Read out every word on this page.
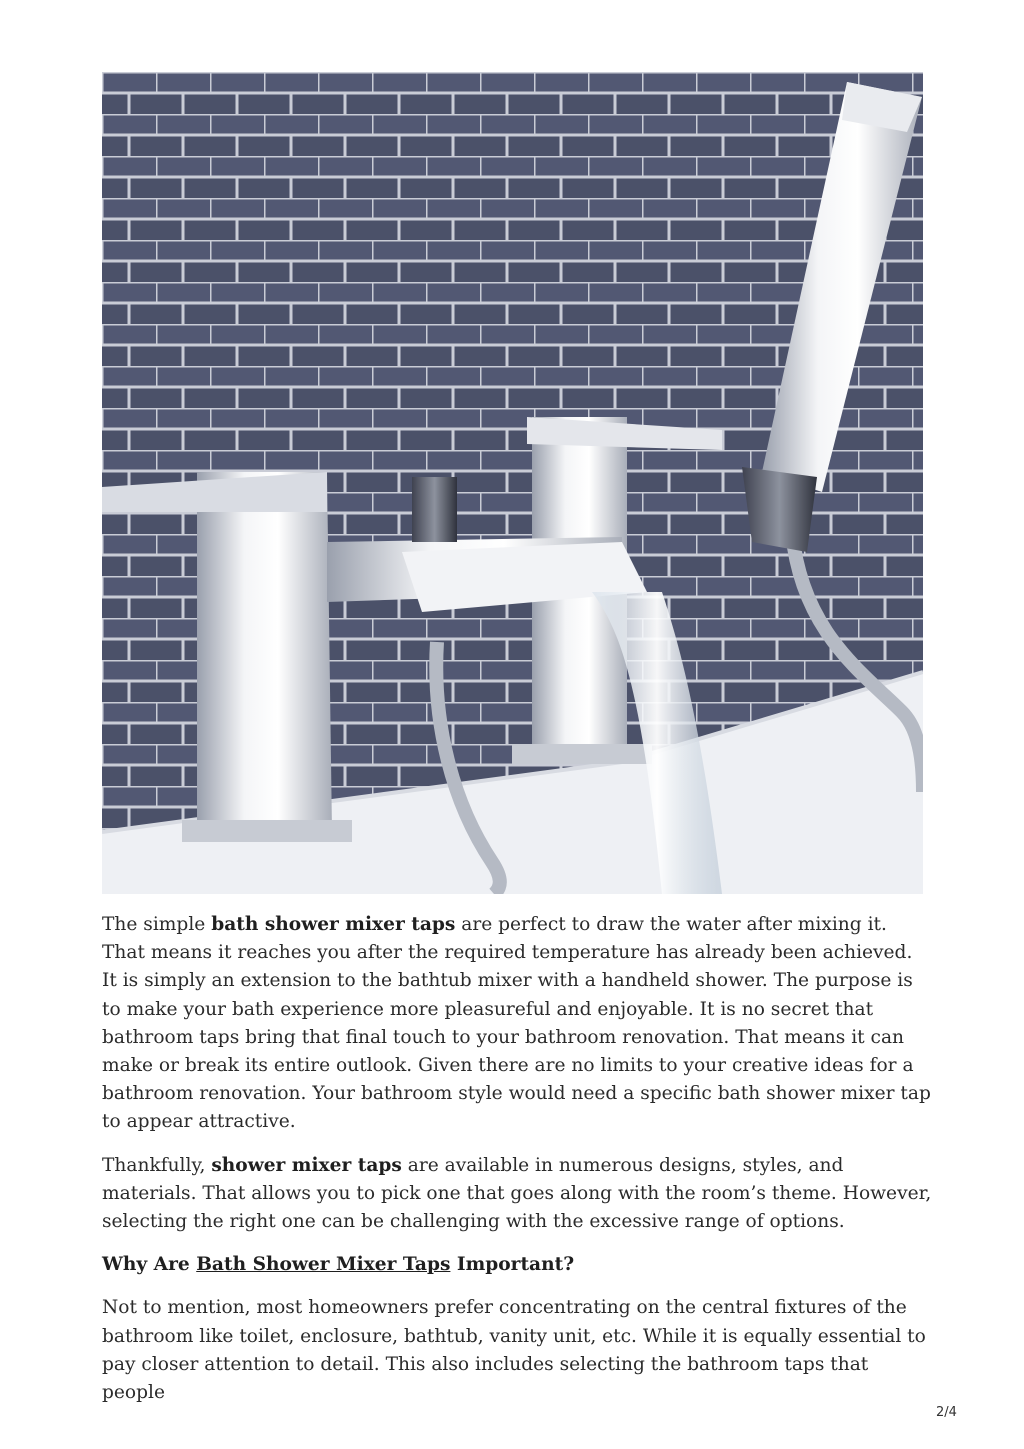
The simple bath shower mixer taps are perfect to draw the water after mixing it. That means it reaches you after the required temperature has already been achieved. It is simply an extension to the bathtub mixer with a handheld shower. The purpose is to make your bath experience more pleasureful and enjoyable. It is no secret that bathroom taps bring that final touch to your bathroom renovation. That means it can make or break its entire outlook. Given there are no limits to your creative ideas for a bathroom renovation. Your bathroom style would need a specific bath shower mixer tap to appear attractive.

Thankfully, shower mixer taps are available in numerous designs, styles, and materials. That allows you to pick one that goes along with the room’s theme. However, selecting the right one can be challenging with the excessive range of options.

Why Are Bath Shower Mixer Taps Important?

Not to mention, most homeowners prefer concentrating on the central fixtures of the bathroom like toilet, enclosure, bathtub, vanity unit, etc. While it is equally essential to pay closer attention to detail. This also includes selecting the bathroom taps that people

2/4
